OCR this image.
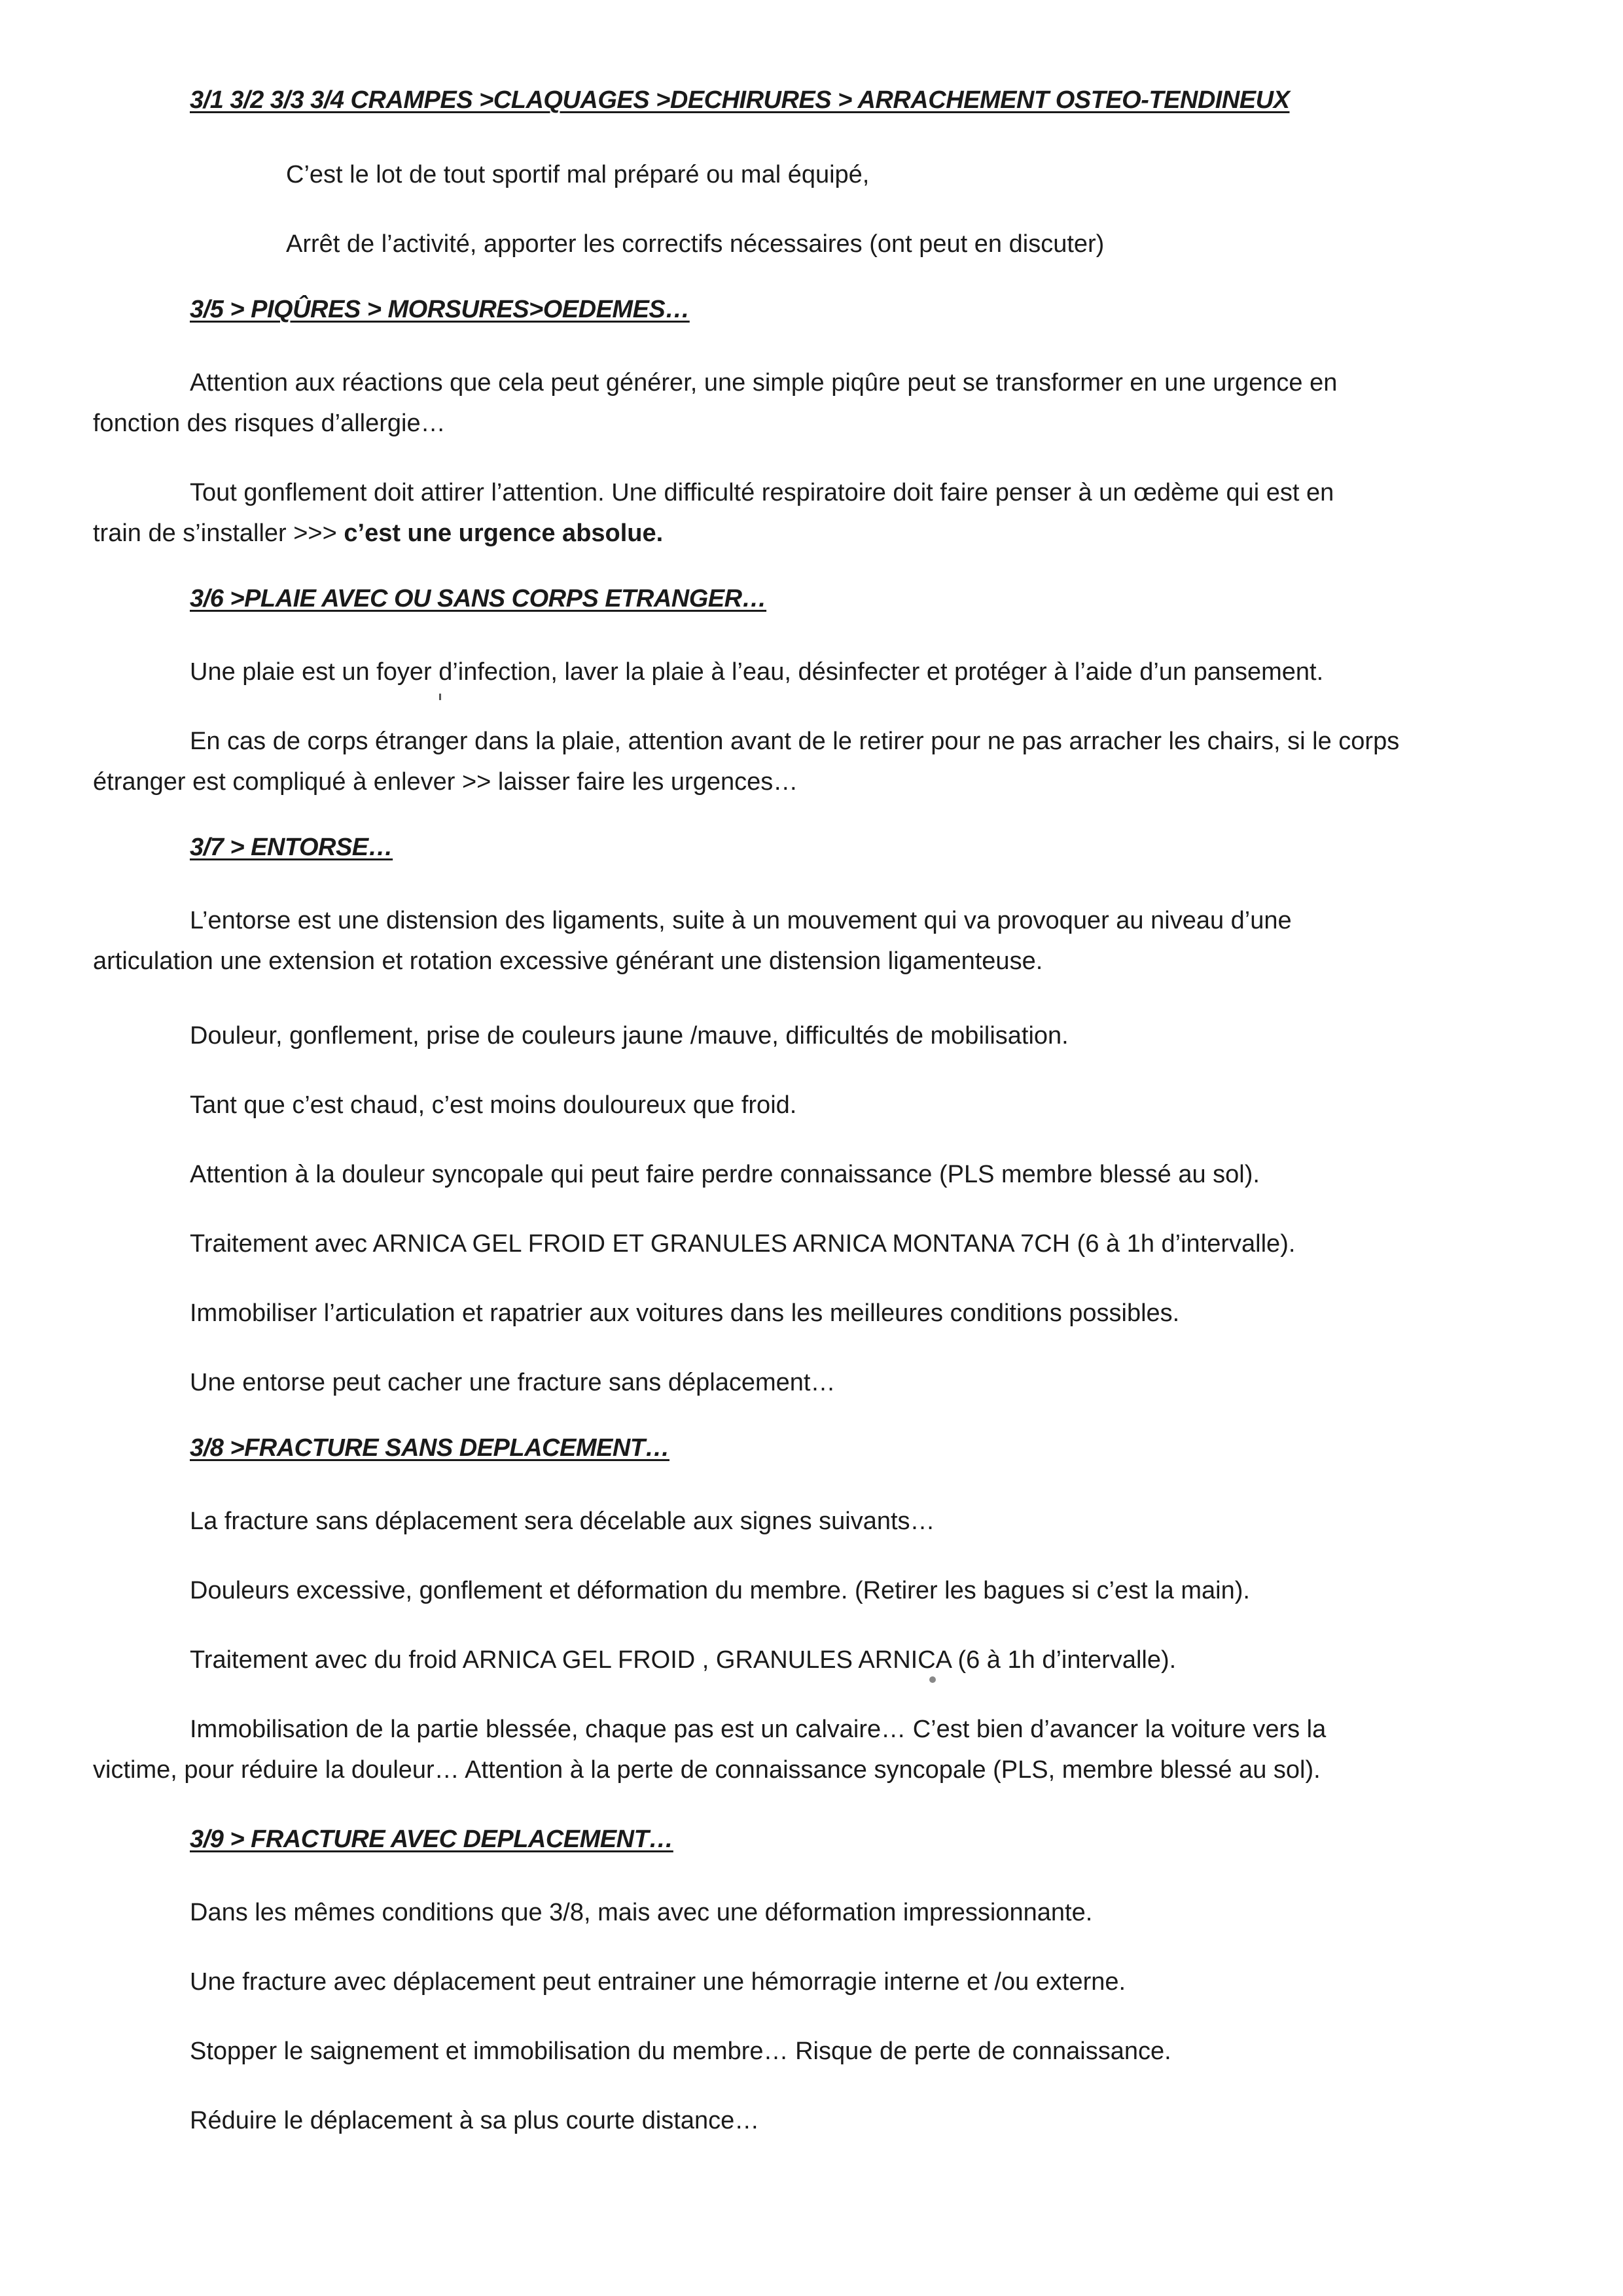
3/1 3/2 3/3 3/4 CRAMPES >CLAQUAGES >DECHIRURES > ARRACHEMENT OSTEO-TENDINEUX
C’est le lot de tout sportif mal préparé ou mal équipé,
Arrêt de l’activité, apporter les correctifs nécessaires (ont peut en discuter)
3/5 > PIQÛRES > MORSURES>OEDEMES…
Attention aux réactions que cela peut générer, une simple piqûre peut se transformer en une urgence en
fonction des risques d’allergie…
Tout gonflement doit attirer l’attention. Une difficulté respiratoire doit faire penser à un œdème qui est en
train de s’installer >>> c’est une urgence absolue.
3/6 >PLAIE AVEC OU SANS CORPS ETRANGER…
Une plaie est un foyer d’infection, laver la plaie à l’eau, désinfecter et protéger à l’aide d’un pansement.
En cas de corps étranger dans la plaie, attention avant de le retirer pour ne pas arracher les chairs, si le corps
étranger est compliqué à enlever >> laisser faire les urgences…
3/7 > ENTORSE…
L’entorse est une distension des ligaments, suite à un mouvement qui va provoquer au niveau d’une
articulation une extension et rotation excessive générant une distension ligamenteuse.
Douleur, gonflement, prise de couleurs jaune /mauve, difficultés de mobilisation.
Tant que c’est chaud, c’est moins douloureux que froid.
Attention à la douleur syncopale qui peut faire perdre connaissance (PLS membre blessé au sol).
Traitement avec ARNICA GEL FROID ET GRANULES ARNICA MONTANA 7CH (6 à 1h d’intervalle).
Immobiliser l’articulation et rapatrier aux voitures dans les meilleures conditions possibles.
Une entorse peut cacher une fracture sans déplacement…
3/8 >FRACTURE SANS DEPLACEMENT…
La fracture sans déplacement sera décelable aux signes suivants…
Douleurs excessive, gonflement et déformation du membre. (Retirer les bagues si c’est la main).
Traitement avec du froid ARNICA GEL FROID , GRANULES ARNICA (6 à 1h d’intervalle).
Immobilisation de la partie blessée, chaque pas est un calvaire… C’est bien d’avancer la voiture vers la
victime, pour réduire la douleur… Attention à la perte de connaissance syncopale (PLS, membre blessé au sol).
3/9 > FRACTURE AVEC DEPLACEMENT…
Dans les mêmes conditions que 3/8, mais avec une déformation impressionnante.
Une fracture avec déplacement peut entrainer une hémorragie interne et /ou externe.
Stopper le saignement et immobilisation du membre… Risque de perte de connaissance.
Réduire le déplacement à sa plus courte distance…
